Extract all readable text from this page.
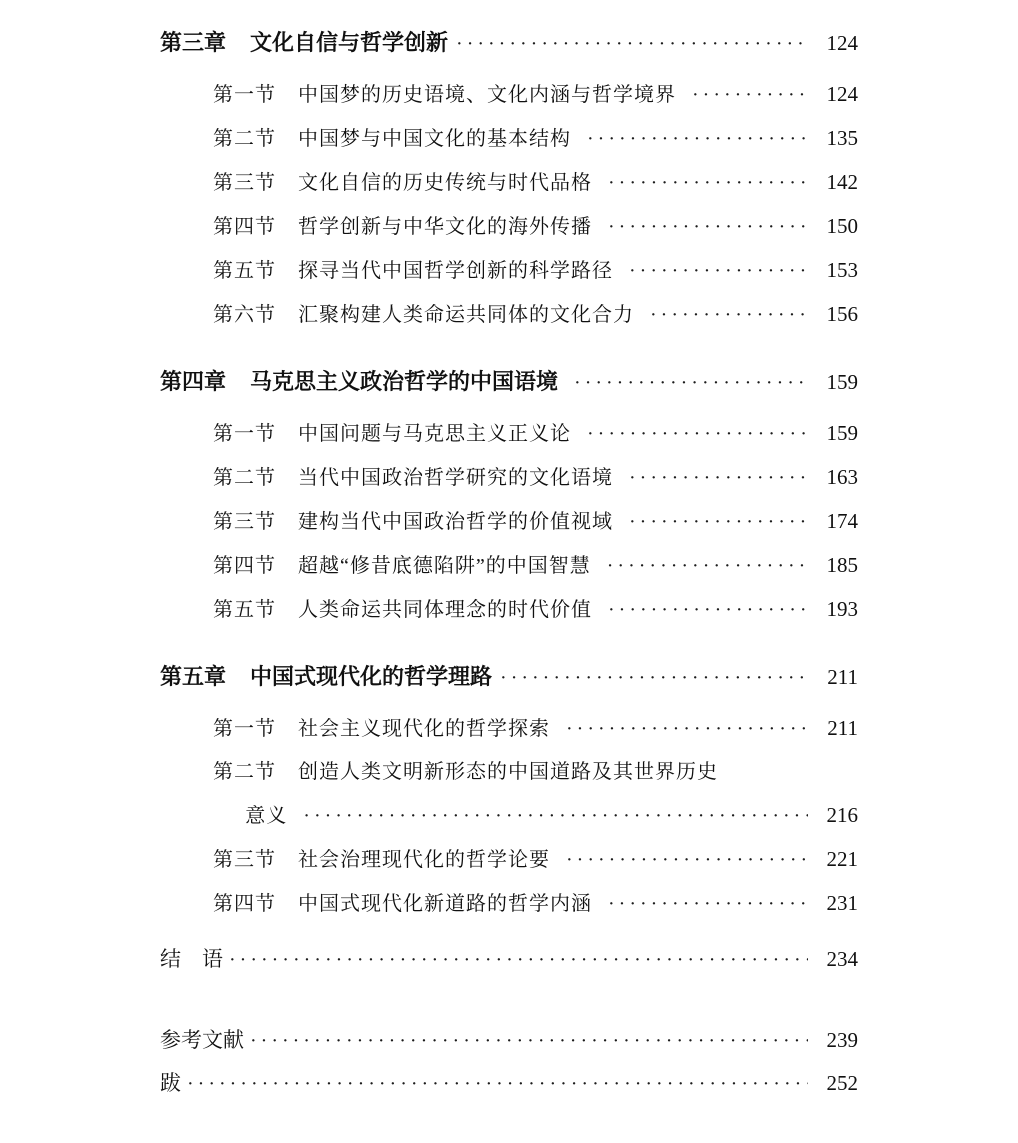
第三章 文化自信与哲学创新 ·····	124
第一节 中国梦的历史语境、文化内涵与哲学境界 ·····	124
第二节 中国梦与中国文化的基本结构 ·····	135
第三节 文化自信的历史传统与时代品格 ·····	142
第四节 哲学创新与中华文化的海外传播 ·····	150
第五节 探寻当代中国哲学创新的科学路径 ·····	153
第六节 汇聚构建人类命运共同体的文化合力 ·····	156
第四章 马克思主义政治哲学的中国语境 ·····	159
第一节 中国问题与马克思主义正义论 ·····	159
第二节 当代中国政治哲学研究的文化语境 ·····	163
第三节 建构当代中国政治哲学的价值视域 ·····	174
第四节 超越“修昔底德陷阱”的中国智慧 ·····	185
第五节 人类命运共同体理念的时代价值 ·····	193
第五章 中国式现代化的哲学理路 ·····	211
第一节 社会主义现代化的哲学探索 ·····	211
第二节 创造人类文明新形态的中国道路及其世界历史
意义 ·····	216
第三节 社会治理现代化的哲学论要 ·····	221
第四节 中国式现代化新道路的哲学内涵 ·····	231
结　语 ·····	234
参考文献 ·····	239
跋 ·····	252
